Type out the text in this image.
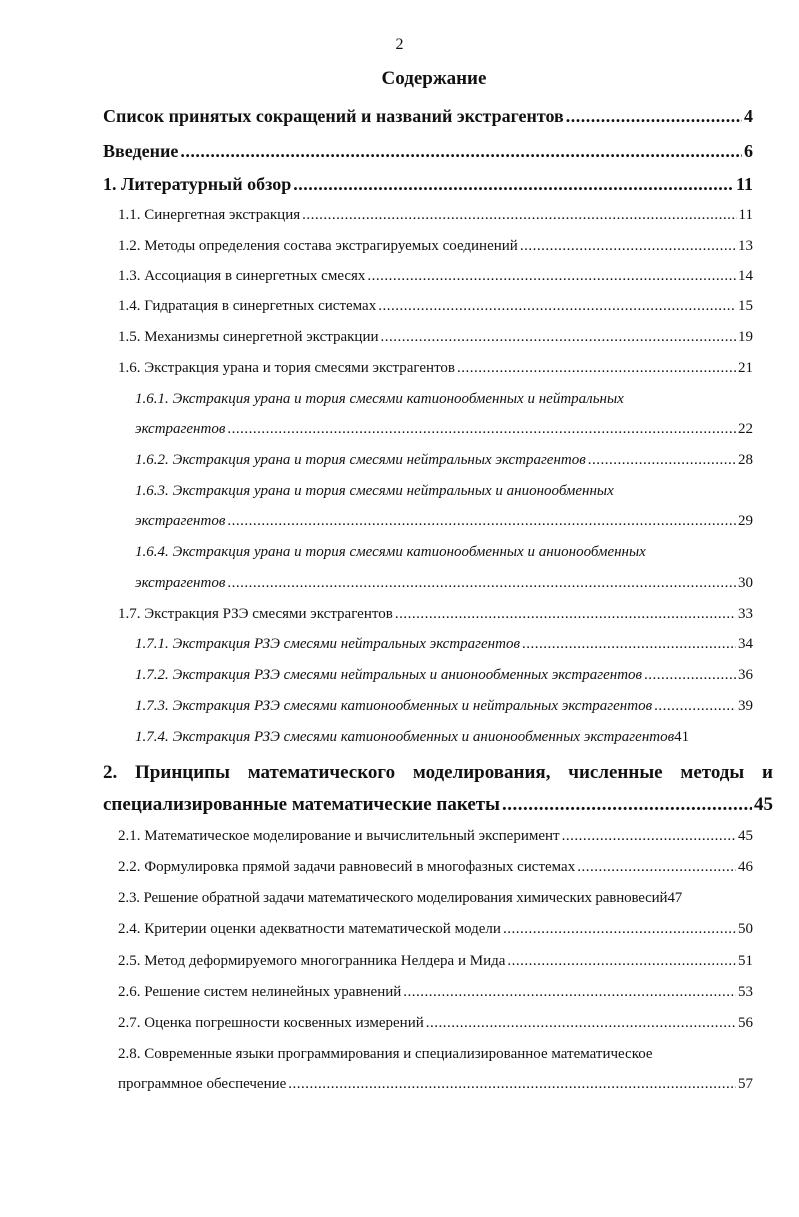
2
Содержание
Список принятых сокращений и названий экстрагентов .....	4
Введение .....	6
1. Литературный обзор .....	11
1.1. Синергетная экстракция .....	11
1.2. Методы определения состава экстрагируемых соединений .....	13
1.3. Ассоциация в синергетных смесях .....	14
1.4. Гидратация в синергетных системах .....	15
1.5. Механизмы синергетной экстракции .....	19
1.6. Экстракция урана и тория смесями экстрагентов .....	21
1.6.1. Экстракция урана и тория смесями катионообменных и нейтральных
экстрагентов .....	22
1.6.2. Экстракция урана и тория смесями нейтральных экстрагентов .....	28
1.6.3. Экстракция урана и тория смесями нейтральных и анионообменных
экстрагентов .....	29
1.6.4. Экстракция урана и тория смесями катионообменных и анионообменных
экстрагентов .....	30
1.7. Экстракция РЗЭ смесями экстрагентов .....	33
1.7.1. Экстракция РЗЭ смесями нейтральных экстрагентов .....	34
1.7.2. Экстракция РЗЭ смесями нейтральных и анионообменных экстрагентов .....	36
1.7.3. Экстракция РЗЭ смесями катионообменных и нейтральных экстрагентов .....	39
1.7.4. Экстракция РЗЭ смесями катионообменных и анионообменных экстрагентов 41
2. Принципы математического моделирования, численные методы и
специализированные математические пакеты .....	45
2.1. Математическое моделирование и вычислительный эксперимент .....	45
2.2. Формулировка прямой задачи равновесий в многофазных системах .....	46
2.3. Решение обратной задачи математического моделирования химических равновесий 47
2.4. Критерии оценки адекватности математической модели .....	50
2.5. Метод деформируемого многогранника Нелдера и Мида .....	51
2.6. Решение систем нелинейных уравнений .....	53
2.7. Оценка погрешности косвенных измерений .....	56
2.8. Современные языки программирования и специализированное математическое
программное обеспечение .....	57
